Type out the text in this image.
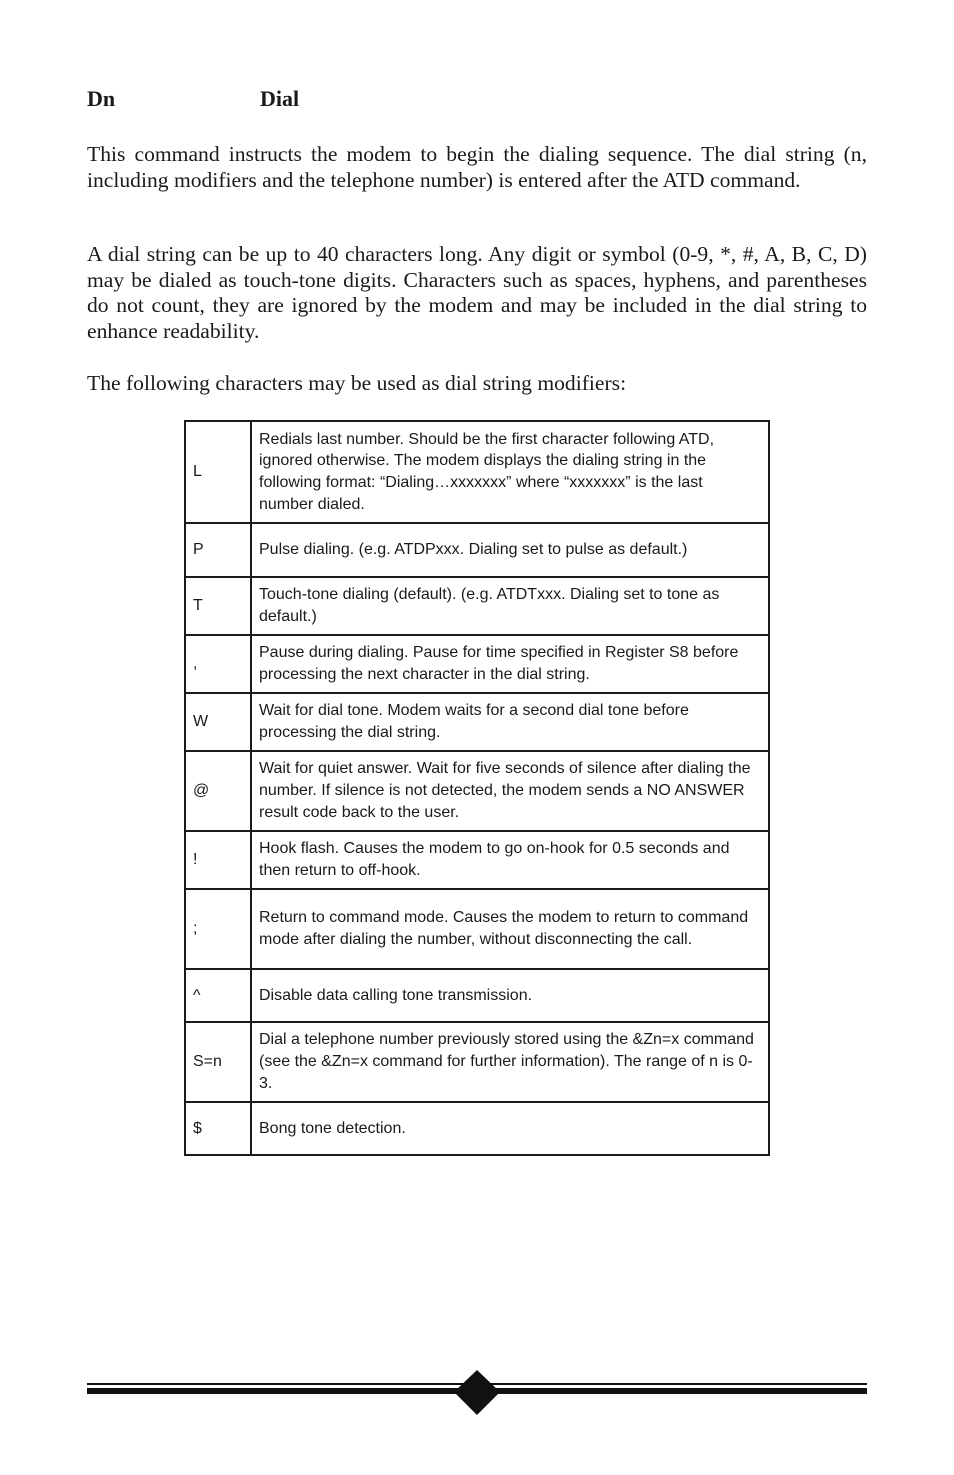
Dn	Dial

This command instructs the modem to begin the dialing sequence. The dial string (n, including modifiers and the telephone number) is entered after the ATD command.

A dial string can be up to 40 characters long. Any digit or symbol (0-9, *, #, A, B, C, D) may be dialed as touch-tone digits. Characters such as spaces, hyphens, and parentheses do not count, they are ignored by the modem and may be included in the dial string to enhance readability.

The following characters may be used as dial string modifiers:

L	Redials last number. Should be the first character following ATD, ignored otherwise. The modem displays the dialing string in the following format: “Dialing…xxxxxxx” where “xxxxxxx” is the last number dialed.
P	Pulse dialing. (e.g. ATDPxxx. Dialing set to pulse as default.)
T	Touch-tone dialing (default). (e.g. ATDTxxx. Dialing set to tone as default.)
,	Pause during dialing. Pause for time specified in Register S8 before processing the next character in the dial string.
W	Wait for dial tone. Modem waits for a second dial tone before processing the dial string.
@	Wait for quiet answer. Wait for five seconds of silence after dialing the number. If silence is not detected, the modem sends a NO ANSWER result code back to the user.
!	Hook flash. Causes the modem to go on-hook for 0.5 seconds and then return to off-hook.
;	Return to command mode. Causes the modem to return to command mode after dialing the number, without disconnecting the call.
^	Disable data calling tone transmission.
S=n	Dial a telephone number previously stored using the &Zn=x command (see the &Zn=x command for further information). The range of n is 0-3.
$	Bong tone detection.
